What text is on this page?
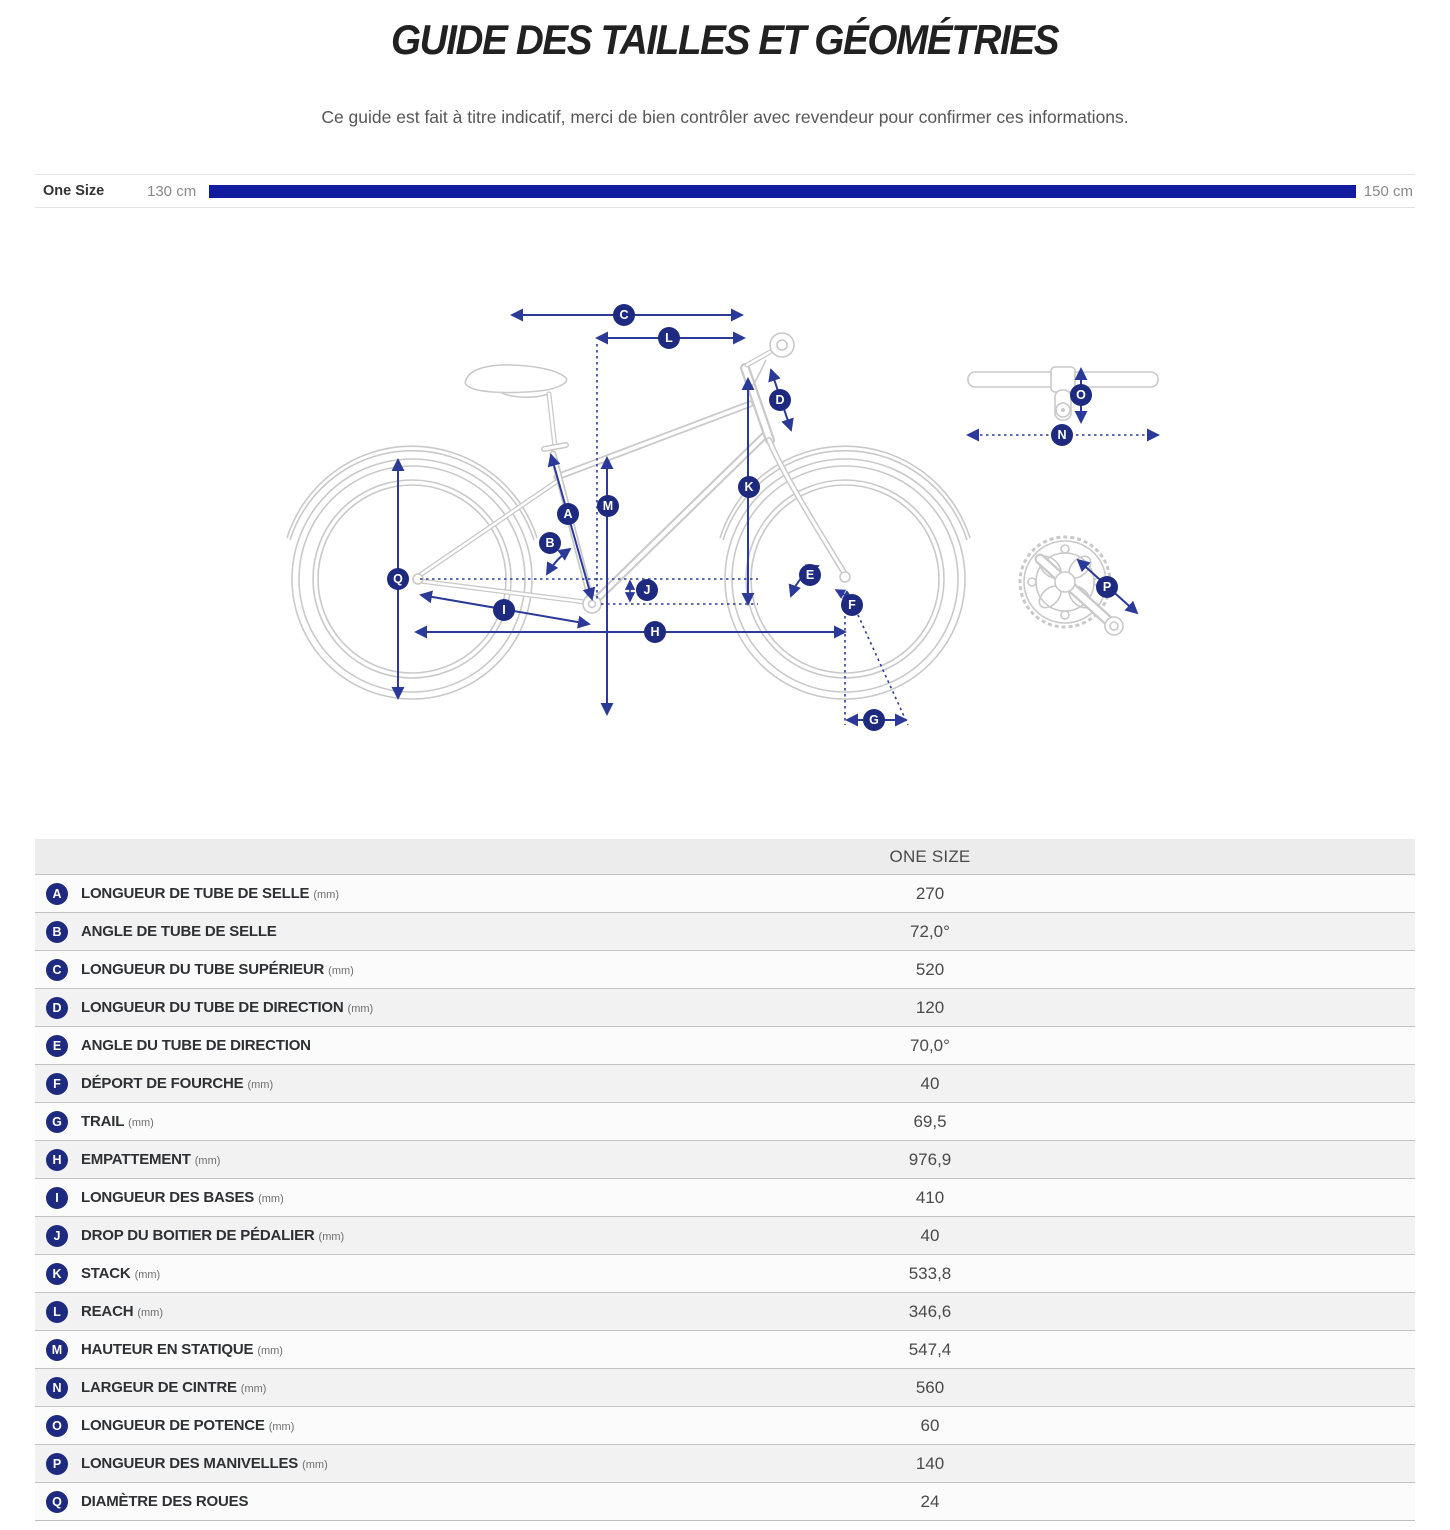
GUIDE DES TAILLES ET GÉOMÉTRIES

Ce guide est fait à titre indicatif, merci de bien contrôler avec revendeur pour confirmer ces informations.

One Size	130 cm	150 cm
C
L
D
K
M
A
B
E
F
G
H
I
J
Q
O
N
P
ONE SIZE
A	LONGUEUR DE TUBE DE SELLE (mm)	270
B	ANGLE DE TUBE DE SELLE	72,0°
C	LONGUEUR DU TUBE SUPÉRIEUR (mm)	520
D	LONGUEUR DU TUBE DE DIRECTION (mm)	120
E	ANGLE DU TUBE DE DIRECTION	70,0°
F	DÉPORT DE FOURCHE (mm)	40
G	TRAIL (mm)	69,5
H	EMPATTEMENT (mm)	976,9
I	LONGUEUR DES BASES (mm)	410
J	DROP DU BOITIER DE PÉDALIER (mm)	40
K	STACK (mm)	533,8
L	REACH (mm)	346,6
M	HAUTEUR EN STATIQUE (mm)	547,4
N	LARGEUR DE CINTRE (mm)	560
O	LONGUEUR DE POTENCE (mm)	60
P	LONGUEUR DES MANIVELLES (mm)	140
Q	DIAMÈTRE DES ROUES	24
